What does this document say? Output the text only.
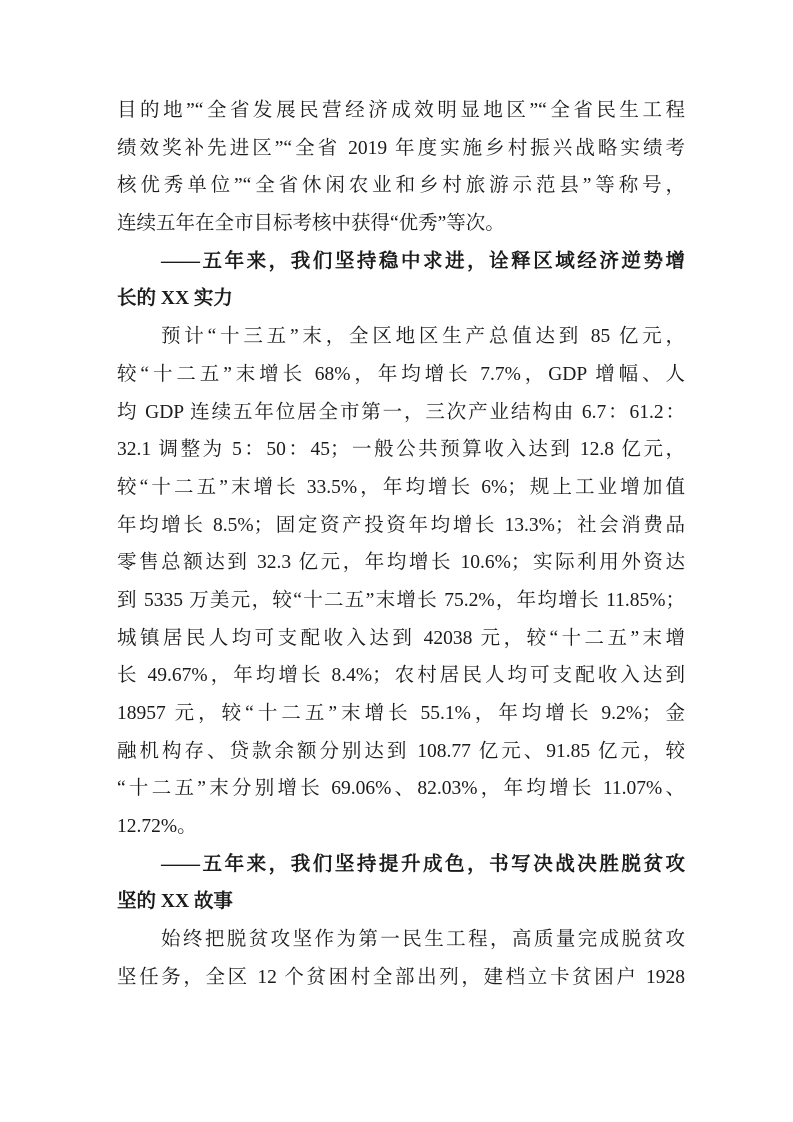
目的地”“全省发展民营经济成效明显地区”“全省民生工程
绩效奖补先进区”“全省 2019 年度实施乡村振兴战略实绩考
核优秀单位”“全省休闲农业和乡村旅游示范县”等称号，
连续五年在全市目标考核中获得“优秀”等次。
——五年来，我们坚持稳中求进，诠释区域经济逆势增
长的 XX 实力
预计“十三五”末，全区地区生产总值达到 85 亿元，
较“十二五”末增长 68%，年均增长 7.7%，GDP 增幅、人
均 GDP 连续五年位居全市第一，三次产业结构由 6.7：61.2：
32.1 调整为 5：50：45；一般公共预算收入达到 12.8 亿元，
较“十二五”末增长 33.5%，年均增长 6%；规上工业增加值
年均增长 8.5%；固定资产投资年均增长 13.3%；社会消费品
零售总额达到 32.3 亿元，年均增长 10.6%；实际利用外资达
到 5335 万美元，较“十二五”末增长 75.2%，年均增长 11.85%；
城镇居民人均可支配收入达到 42038 元，较“十二五”末增
长 49.67%，年均增长 8.4%；农村居民人均可支配收入达到
18957 元，较“十二五”末增长 55.1%，年均增长 9.2%；金
融机构存、贷款余额分别达到 108.77 亿元、91.85 亿元，较
“十二五”末分别增长 69.06%、82.03%，年均增长 11.07%、
12.72%。
——五年来，我们坚持提升成色，书写决战决胜脱贫攻
坚的 XX 故事
始终把脱贫攻坚作为第一民生工程，高质量完成脱贫攻
坚任务，全区 12 个贫困村全部出列，建档立卡贫困户 1928
